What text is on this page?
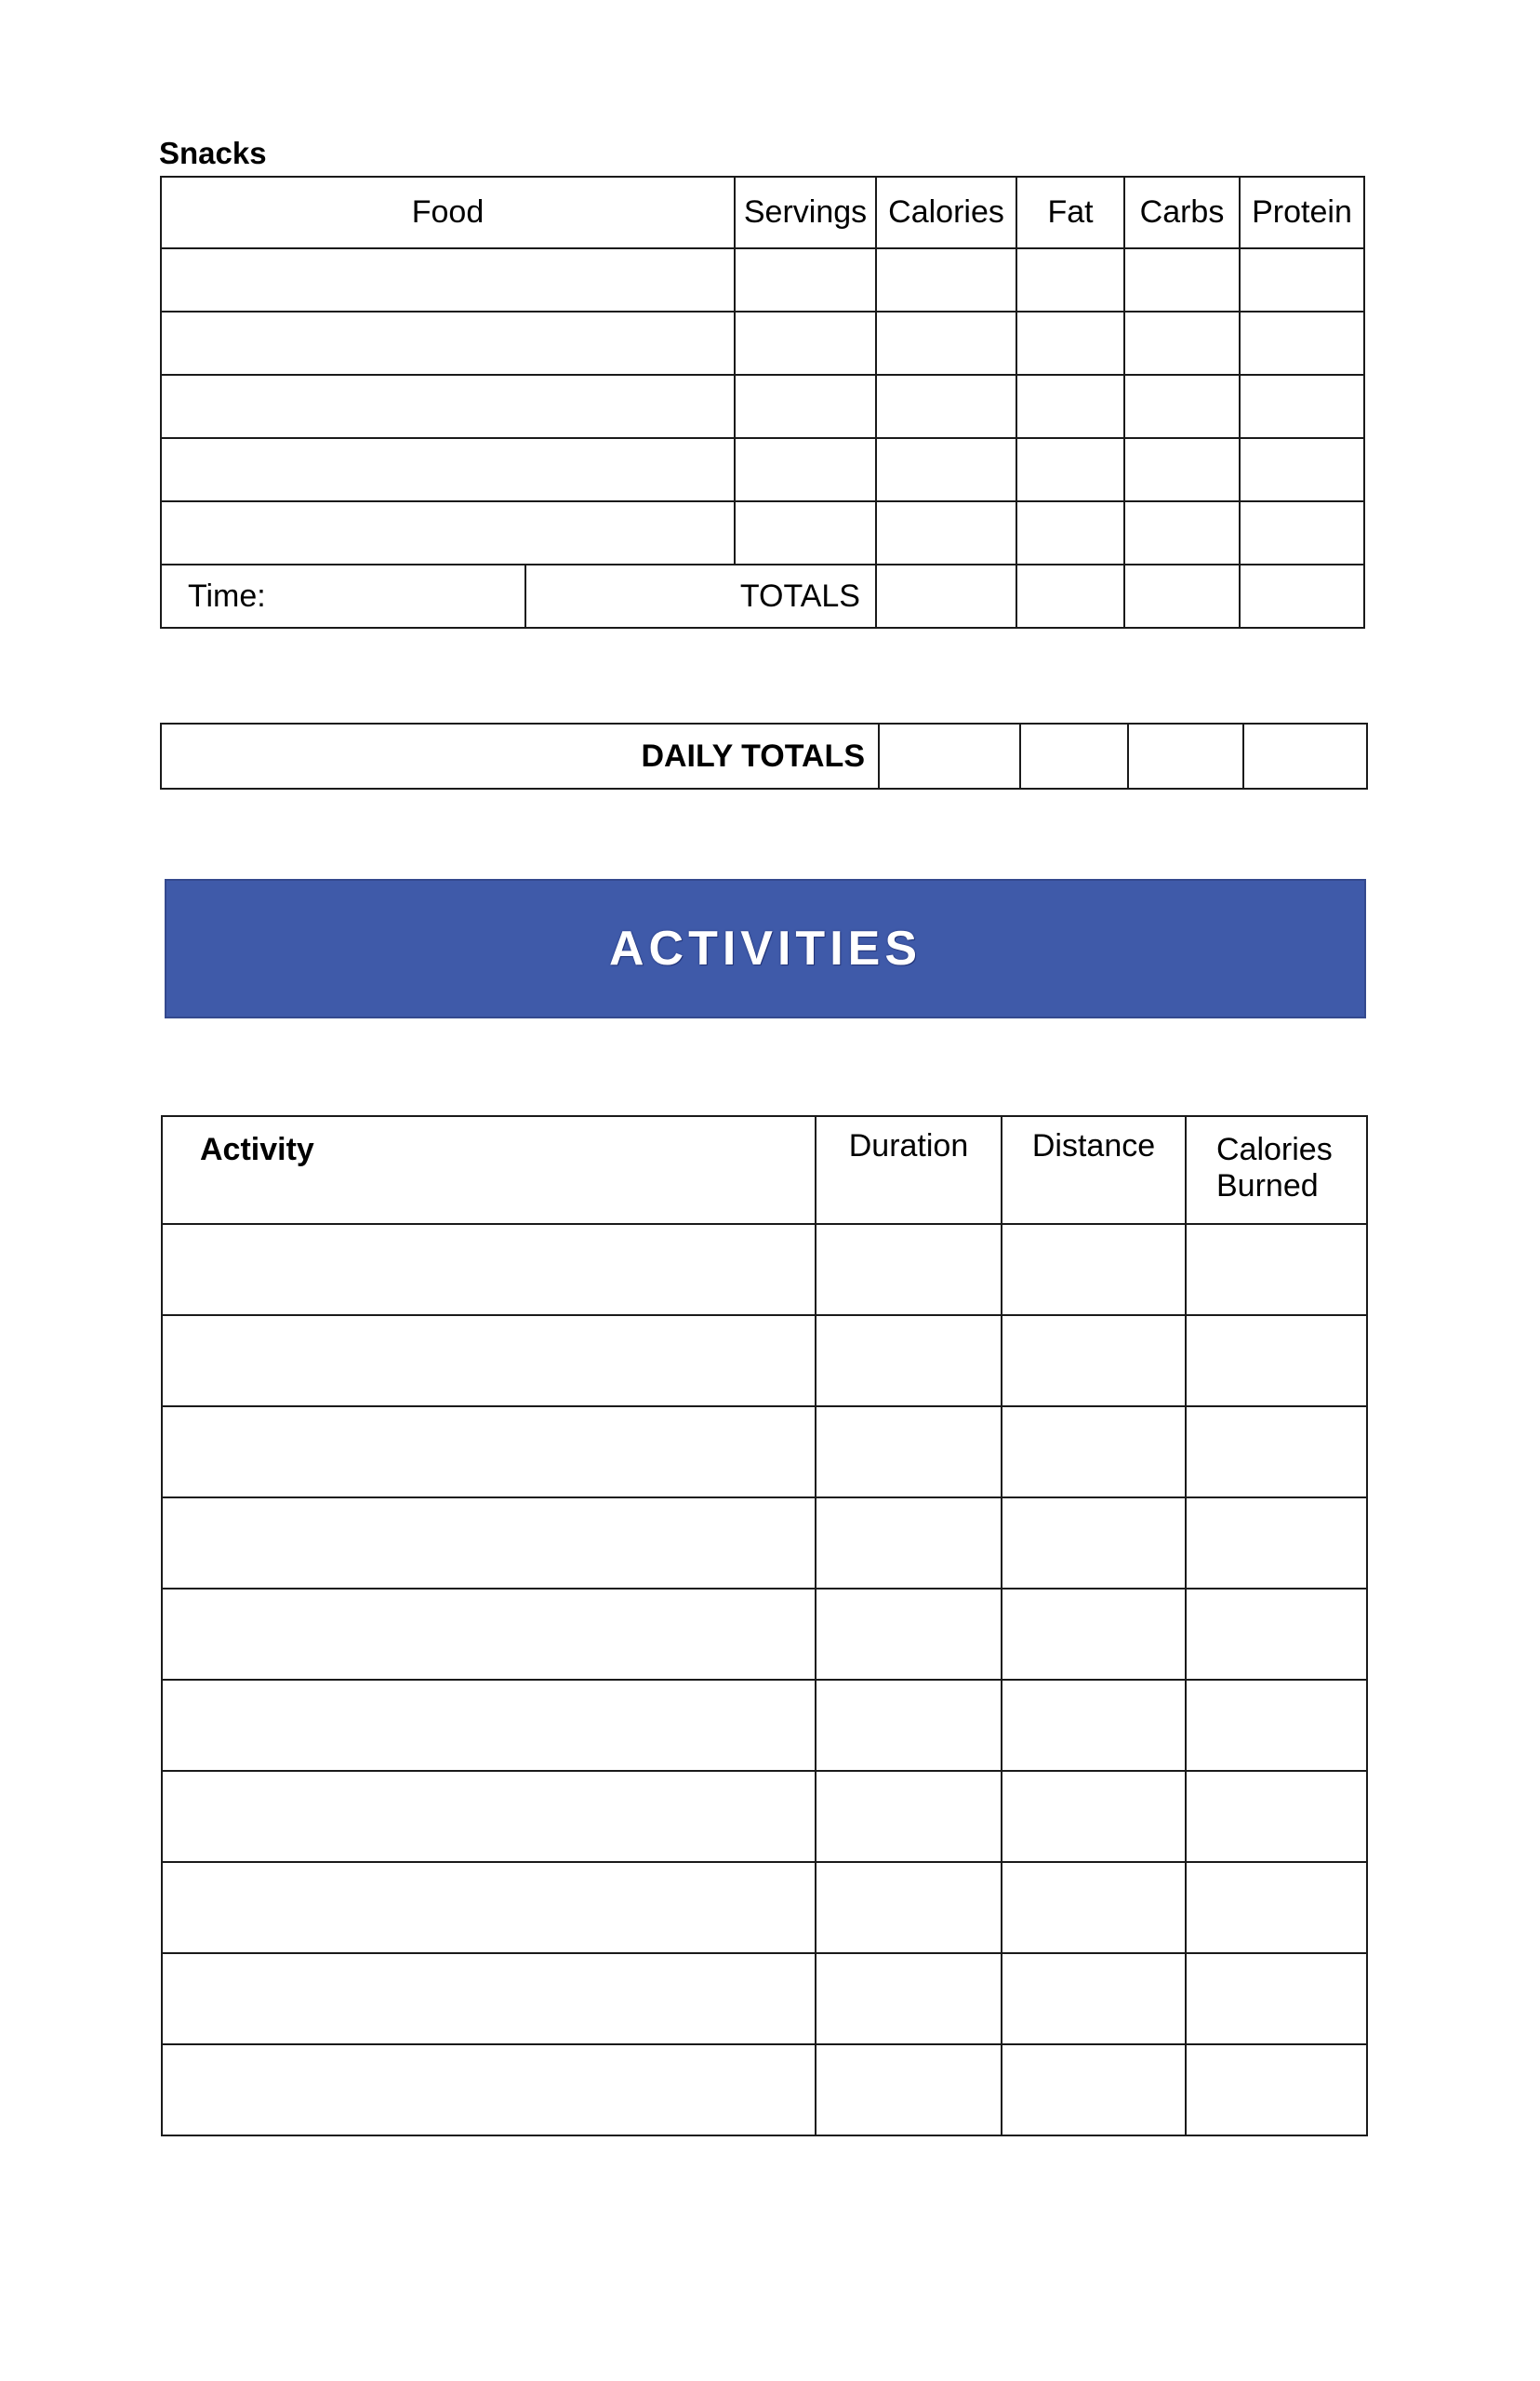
Snacks
Food		Servings	Calories	Fat	Carbs	Protein

Time:	TOTALS					
DAILY TOTALS				
ACTIVITIES
Activity	Duration	Distance	Calories
Burned
